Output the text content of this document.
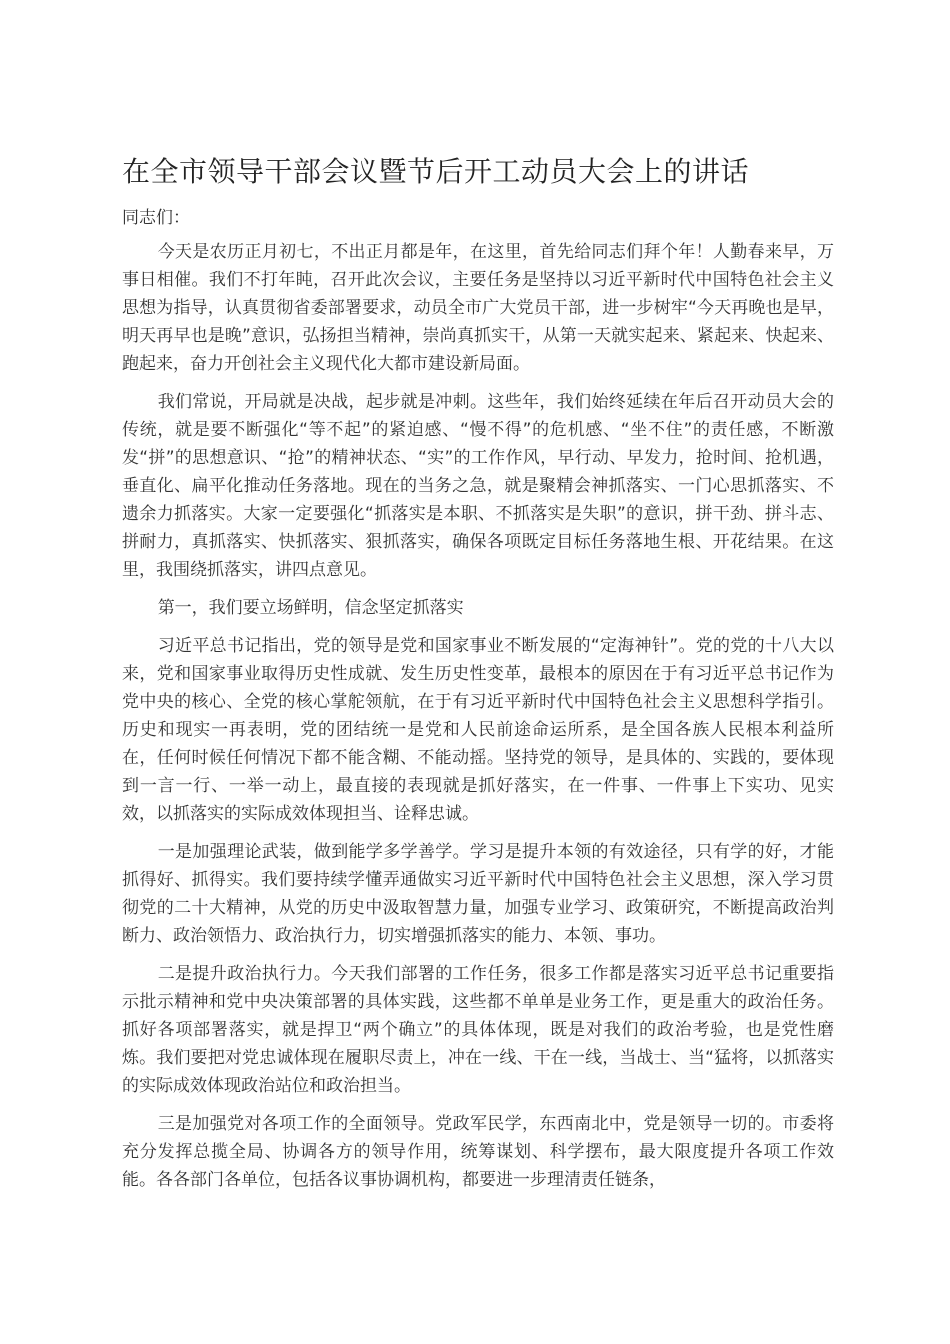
在全市领导干部会议暨节后开工动员大会上的讲话

同志们：

今天是农历正月初七，不出正月都是年，在这里，首先给同志们拜个年！人勤春来早，万事日相催。我们不打年盹，召开此次会议，主要任务是坚持以习近平新时代中国特色社会主义思想为指导，认真贯彻省委部署要求，动员全市广大党员干部，进一步树牢“今天再晚也是早，明天再早也是晚”意识，弘扬担当精神，崇尚真抓实干，从第一天就实起来、紧起来、快起来、跑起来，奋力开创社会主义现代化大都市建设新局面。

我们常说，开局就是决战，起步就是冲刺。这些年，我们始终延续在年后召开动员大会的传统，就是要不断强化“等不起”的紧迫感、“慢不得”的危机感、“坐不住”的责任感，不断激发“拼”的思想意识、“抢”的精神状态、“实”的工作作风，早行动、早发力，抢时间、抢机遇，垂直化、扁平化推动任务落地。现在的当务之急，就是聚精会神抓落实、一门心思抓落实、不遗余力抓落实。大家一定要强化“抓落实是本职、不抓落实是失职”的意识，拼干劲、拼斗志、拼耐力，真抓落实、快抓落实、狠抓落实，确保各项既定目标任务落地生根、开花结果。在这里，我围绕抓落实，讲四点意见。

第一，我们要立场鲜明，信念坚定抓落实

习近平总书记指出，党的领导是党和国家事业不断发展的“定海神针”。党的党的十八大以来，党和国家事业取得历史性成就、发生历史性变革，最根本的原因在于有习近平总书记作为党中央的核心、全党的核心掌舵领航，在于有习近平新时代中国特色社会主义思想科学指引。历史和现实一再表明，党的团结统一是党和人民前途命运所系，是全国各族人民根本利益所在，任何时候任何情况下都不能含糊、不能动摇。坚持党的领导，是具体的、实践的，要体现到一言一行、一举一动上，最直接的表现就是抓好落实，在一件事、一件事上下实功、见实效，以抓落实的实际成效体现担当、诠释忠诚。

一是加强理论武装，做到能学多学善学。学习是提升本领的有效途径，只有学的好，才能抓得好、抓得实。我们要持续学懂弄通做实习近平新时代中国特色社会主义思想，深入学习贯彻党的二十大精神，从党的历史中汲取智慧力量，加强专业学习、政策研究，不断提高政治判断力、政治领悟力、政治执行力，切实增强抓落实的能力、本领、事功。

二是提升政治执行力。今天我们部署的工作任务，很多工作都是落实习近平总书记重要指示批示精神和党中央决策部署的具体实践，这些都不单单是业务工作，更是重大的政治任务。抓好各项部署落实，就是捍卫“两个确立”的具体体现，既是对我们的政治考验，也是党性磨炼。我们要把对党忠诚体现在履职尽责上，冲在一线、干在一线，当战士、当“猛将，以抓落实的实际成效体现政治站位和政治担当。

三是加强党对各项工作的全面领导。党政军民学，东西南北中，党是领导一切的。市委将充分发挥总揽全局、协调各方的领导作用，统筹谋划、科学摆布，最大限度提升各项工作效能。各各部门各单位，包括各议事协调机构，都要进一步理清责任链条，
